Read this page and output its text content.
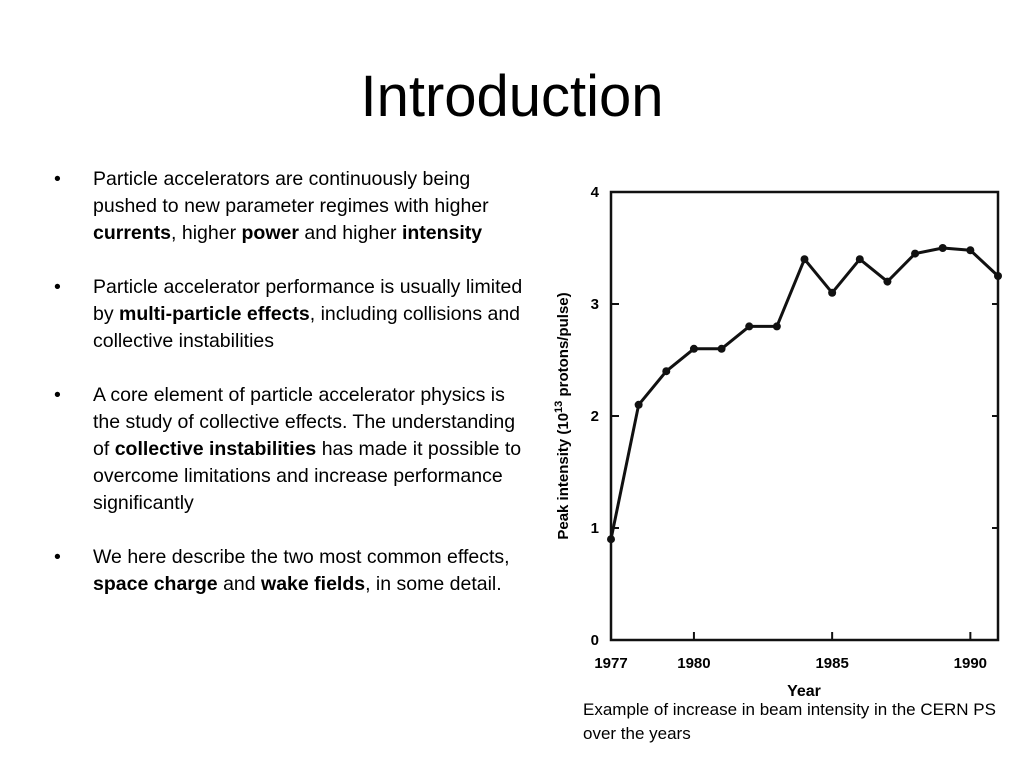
Introduction
• Particle accelerators are continuously being pushed to new parameter regimes with higher currents, higher power and higher intensity
• Particle accelerator performance is usually limited by multi-particle effects, including collisions and collective instabilities
• A core element of particle accelerator physics is the study of collective effects. The understanding of collective instabilities has made it possible to overcome limitations and increase performance significantly
• We here describe the two most common effects, space charge and wake fields, in some detail.
1977	1980	1985	1990
0
1
2
3
4
Year
Peak intensity ($10^{13}$ protons/pulse)
Example of increase in beam intensity in the CERN PS over the years
